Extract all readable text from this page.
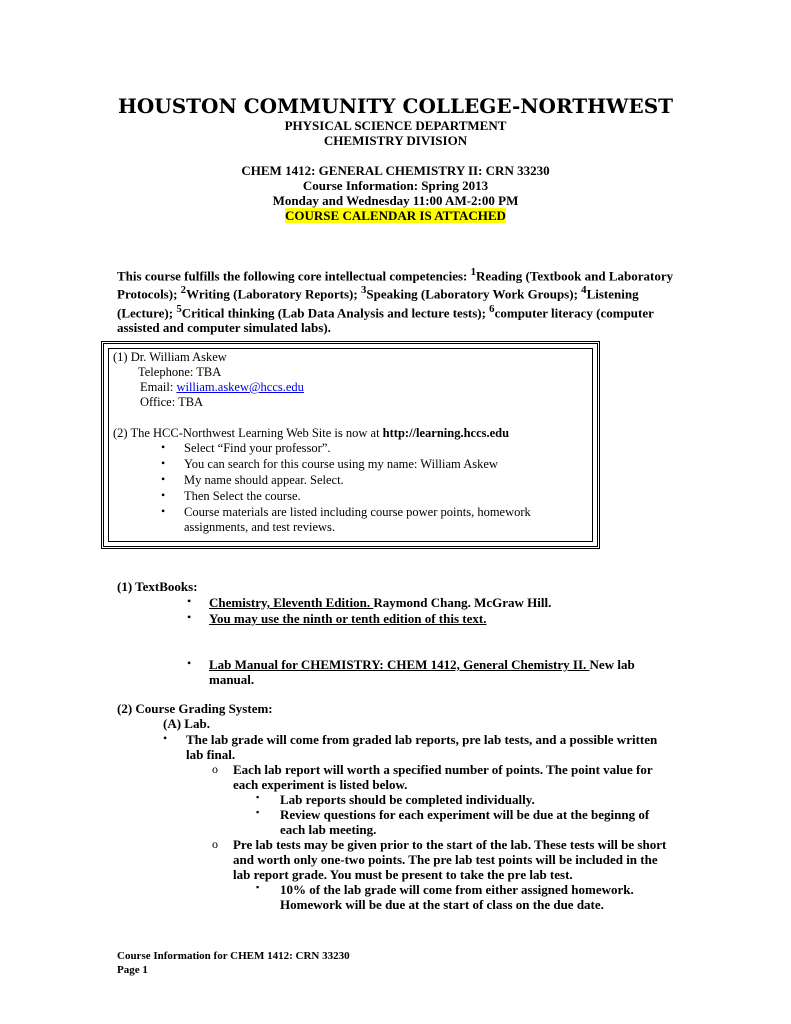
HOUSTON COMMUNITY COLLEGE-NORTHWEST
PHYSICAL SCIENCE DEPARTMENT
CHEMISTRY DIVISION
CHEM 1412: GENERAL CHEMISTRY II: CRN 33230
Course Information: Spring 2013
Monday and Wednesday 11:00 AM-2:00 PM
COURSE CALENDAR IS ATTACHED
This course fulfills the following core intellectual competencies: $^1$Reading (Textbook and Laboratory
Protocols); $^2$Writing (Laboratory Reports); $^3$Speaking (Laboratory Work Groups); $^4$Listening
(Lecture); $^5$Critical thinking (Lab Data Analysis and lecture tests); $^6$computer literacy (computer
assisted and computer simulated labs).
(1) Dr. William Askew
Telephone: TBA
Email: william.askew@hccs.edu
Office: TBA
(2) The HCC-Northwest Learning Web Site is now at http://learning.hccs.edu
• Select “Find your professor”.
• You can search for this course using my name: William Askew
• My name should appear. Select.
• Then Select the course.
• Course materials are listed including course power points, homework
assignments, and test reviews.
(1) TextBooks:
• Chemistry, Eleventh Edition. Raymond Chang. McGraw Hill.
• You may use the ninth or tenth edition of this text.
• Lab Manual for CHEMISTRY: CHEM 1412, General Chemistry II. New lab
manual.
(2) Course Grading System:
(A) Lab.
• The lab grade will come from graded lab reports, pre lab tests, and a possible written
lab final.
o Each lab report will worth a specified number of points. The point value for
each experiment is listed below.
▪ Lab reports should be completed individually.
▪ Review questions for each experiment will be due at the beginng of
each lab meeting.
o Pre lab tests may be given prior to the start of the lab. These tests will be short
and worth only one-two points. The pre lab test points will be included in the
lab report grade. You must be present to take the pre lab test.
▪ 10% of the lab grade will come from either assigned homework.
Homework will be due at the start of class on the due date.
Course Information for CHEM 1412: CRN 33230
Page 1
